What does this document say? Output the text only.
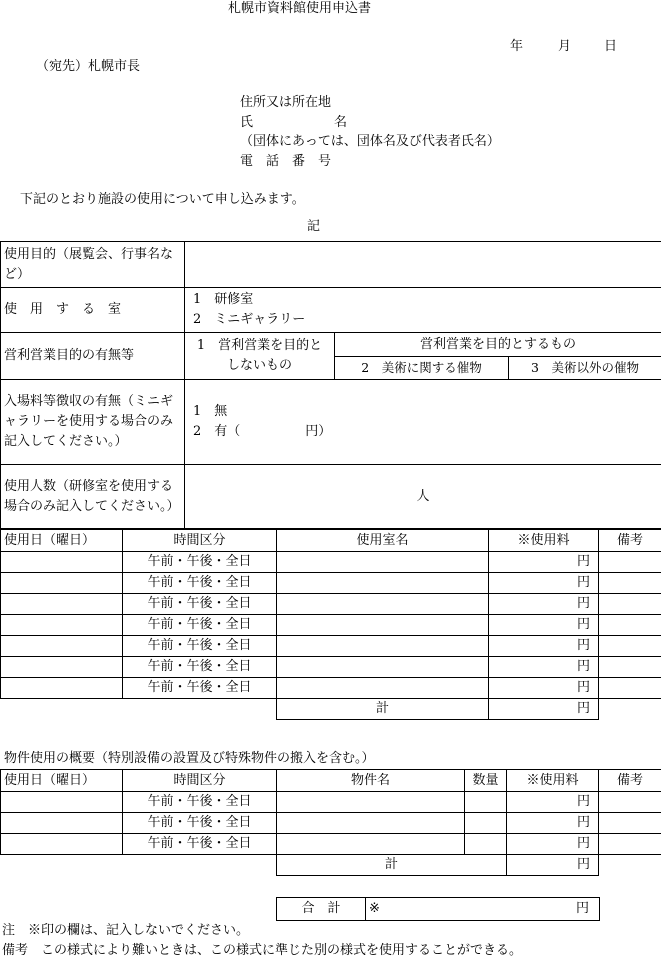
札幌市資料館使用申込書
年	月	日
（宛先）札幌市長
住所又は所在地
氏	名
（団体にあっては、団体名及び代表者氏名）
電　話　番　号
下記のとおり施設の使用について申し込みます。
記
使用目的（展覧会、行事名など）			
使　用　す　る　室	1　研修室
2　ミニギャラリー		

営利営業目的の有無等	1　営利営業を目的としないもの	営利営業を目的とするもの	
		2　美術に関する催物	3　美術以外の催物
入場料等徴収の有無（ミニギャラリーを使用する場合のみ記入してください。）	1　無
2　有（　　　　　円）		

使用人数（研修室を使用する場合のみ記入してください。）	人		
使用日（曜日）	時間区分	使用室名	※使用料	備考
	午前・午後・全日		円	
	午前・午後・全日		円	
	午前・午後・全日		円	
	午前・午後・全日		円	
	午前・午後・全日		円	
	午前・午後・全日		円	
	午前・午後・全日		円	
		計	円	
物件使用の概要（特別設備の設置及び特殊物件の搬入を含む。）
使用日（曜日）	時間区分	物件名	数量	※使用料	備考
	午前・午後・全日			円	
	午前・午後・全日			円	
	午前・午後・全日			円	
		計		円	
合　計	※	円
注　※印の欄は、記入しないでください。
備考　この様式により難いときは、この様式に準じた別の様式を使用することができる。
